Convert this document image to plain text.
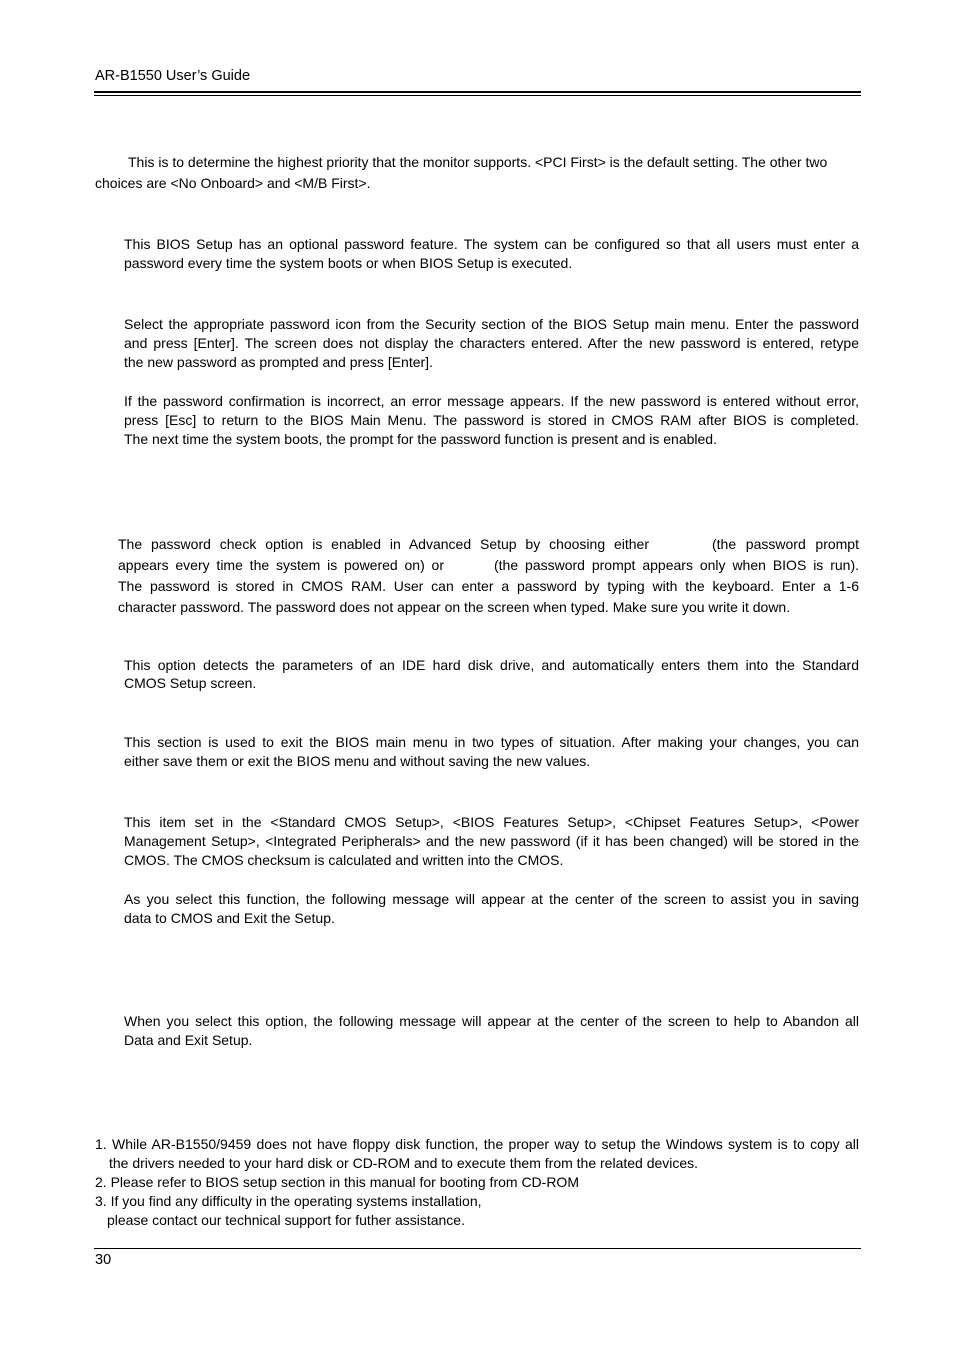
AR-B1550 User’s Guide
This is to determine the highest priority that the monitor supports. <PCI First> is the default setting. The other two
choices are <No Onboard> and <M/B First>.
This BIOS Setup has an optional password feature. The system can be configured so that all users must enter a
password every time the system boots or when BIOS Setup is executed.
Select the appropriate password icon from the Security section of the BIOS Setup main menu. Enter the password
and press [Enter]. The screen does not display the characters entered. After the new password is entered, retype
the new password as prompted and press [Enter].
If the password confirmation is incorrect, an error message appears. If the new password is entered without error,
press [Esc] to return to the BIOS Main Menu. The password is stored in CMOS RAM after BIOS is completed.
The next time the system boots, the prompt for the password function is present and is enabled.
The password check option is enabled in Advanced Setup by choosing either	(the password prompt
appears every time the system is powered on) or	(the password prompt appears only when BIOS is run).
The password is stored in CMOS RAM. User can enter a password by typing with the keyboard. Enter a 1-6
character password. The password does not appear on the screen when typed. Make sure you write it down.
This option detects the parameters of an IDE hard disk drive, and automatically enters them into the Standard
CMOS Setup screen.
This section is used to exit the BIOS main menu in two types of situation. After making your changes, you can
either save them or exit the BIOS menu and without saving the new values.
This item set in the <Standard CMOS Setup>, <BIOS Features Setup>, <Chipset Features Setup>, <Power
Management Setup>, <Integrated Peripherals> and the new password (if it has been changed) will be stored in the
CMOS. The CMOS checksum is calculated and written into the CMOS.
As you select this function, the following message will appear at the center of the screen to assist you in saving
data to CMOS and Exit the Setup.
When you select this option, the following message will appear at the center of the screen to help to Abandon all
Data and Exit Setup.
1. While AR-B1550/9459 does not have floppy disk function, the proper way to setup the Windows system is to copy all
the drivers needed to your hard disk or CD-ROM and to execute them from the related devices.
2. Please refer to BIOS setup section in this manual for booting from CD-ROM
3. If you find any difficulty in the operating systems installation,
please contact our technical support for futher assistance.
30
